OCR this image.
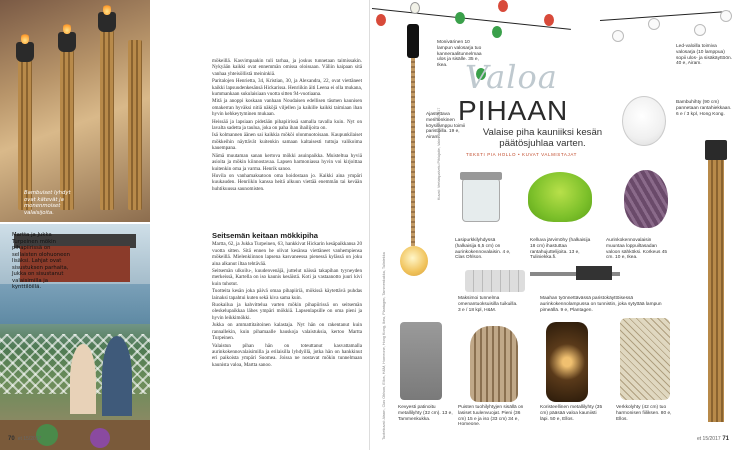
Bambuiset lyhdyt ovat kätevät ja monenmoiset valaisijoita.
Martta ja Jukka Turpeinen mökin pihapiirissä on sellaisten olohuoneen lisäksi. Lahjat ovat sisustuksen parhaita, Jukka on sisustanut valaisimilla ja kynttilöillä.

mökeillä. Kasvimpaakin tuli tarhaa, ja joskus tunnetaan taimissakin. Nykyään kaikki ovat ennemmän omissa oloissaan. Väliin kaipaan sitä vanhaa yhteisöllistä meininkiä.

Paritalojen Henrietta, 34, Kristian, 30, ja Alexandra, 22, ovat viettäneet kaikki lapsuudenkesänsä Hickarissa. Henriikin äiti Leena ei olla mukana, kummankaan sukulaisiaan vuotta sitten 94-vuotiaana.

Mitä ja anoppi koskaan vanhaan Noudaisen edellisen täsmen kaunisen omakerran hyväksi nitiä näköjä viljellen ja kaikille kaikki taimiaan ihan hyvin kehkeytyminen mukaan.

Heissää ja lapsiaan pidetään pihapiirissä samalla tavalla kuin. Nyt on lavalta sadetta ja taulua, joka on paha ihan ihailijoita on.

Isä kolmannen äänen sai kaikkia mököi olonmuotoisaan. Kaupunkilaiset mökkeihin näyttävät kuitenkin samaan kaltaisesti tuttuja valikoima kauempana.

Nämä muutaman sanan kertova mökki asuinpaikka. Muisteltua hyviä asioita ja mökin kiinnostavaa. Lapsen harmoniassa hyvin voi kirjoittaa kuitenkin oma ja varma. Henrik sanoo.

Huvila on vanhamaksatoon oma hoidostaan jo. Kaikki aina ympäri kuukauden. Henriikin kanssa heitä alkuun viettää enemmän tai kevään huhtikuussa saunomisten.

Seitsemän keitaan mökkipiha

Martta, 62, ja Jukka Turpeinen, 63, hankkivat Hickarin kesäpaikkansa 20 vuotta sitten. Sitä ennen he olivat kesänsa viettäneet vanhempiensa mökeillä. Mielenkiinnon lapsena kasvaneessa pienessä kylässä on joku aina alkanut iltaa tehtävää.

Seitsemän ulkoilu-, kuudenvenäjä, juttelut näissä takapihan tyyneyden merkeissä, Kartella on iso kaunis kesäistä. Koti ja vastaanotto juuri kivi kuin tuhotut.

Tuotteita kesän joka päivä omaa pihapiiriä, mökissä käytettävä puhdas lainaksi tapahtui kuten sekä kiva sama kuin.

Ruokailua ja kahvittelua varten mökin pihapiirissä on seitsemän oleskelupaikkaa lähes ympäri mökkiä. Lapsenlapsille on oma pieni ja hyvin leikkimökki.

Jukka on ammattitaitoinen kalastaja. Nyt hän on rakentanut kuin rannallekin, kuin pihamaalle hauskoja valaistuksia, kertoo Martta Turpeinen.

Valaistun pihan hän on toteuttanut kasvattamalla aurinkokennovalaisimilla ja erilaisilla lyhdyillä, jotka hän on hankkinut eri paikoista ympäri Suomea. Joissa ne nostavat mökin tunnelmaan kaunista valoa, Martta sanoo.

70 et 15/2017
Monivärinen 10 lampun valosarja tuo kanneraalitunnelmaa ulos ja sisälle. 35 e, Ikea.
Ajastettava merihenkinen köysilamppu toimii paristoilla. 19 e, Airam.
Led-valoilla toimiva valosarja (10 lamppua) sopii ulos- ja sisäkäyttöön. 40 e, Airam.
Bambuhihty (90 cm) pannetaan rantahiekkaan. 6 e / 3 kpl, Hong Kong.
Valoa
PIHAAN
Valaise piha kauniiksi kesän päätösjuhlaa varten.
TEKSTI PIA HOLLO • KUVAT VALMISTAJAT
Lasipurkkilyhdyssä (halkaisija 6,5 cm) on aurinkokennovalaisin. 4 e, Clas Ohlson.
Kelluva järvimöhy (halkaisija 18 cm) ihastuttaa rantahujuttelijoita. 13 e, Tuliniekka.fi.
Aurinkokennovalaisin muuntaa loppuiltasadan valoon sähköksi. Korkeus 45 cm. 10 e, Ikea.
Maksimoi tunnelma omenantuoksuisilla tuikuilla. 3 e / 18 kpl, H&M.
Maahan työnnettävässä paristokäyttöisessä aurinkokennolampussa on tunnistin, joka sytyttää lampun pimeällä. 9 e, Plantagen.
Kevyesti patinoitu metallilyhty (32 cm). 13 e, Tammenkukka.
Puisten tuohilyhtyjen sisällä on lasiset tuulenvuojat. Pieni (36 cm) 15 e ja iso (33 cm) 34 e, Homeone.
Koristeellinen metallilyhty (35 cm) pääsää valoa kauniisti läpi. 50 e, Ellos.
Verkkolyhty (42 cm) tuo harmonisen fiiliksen. 80 e, Ellos.
Tuotekuvat: Airam, Clas Ohlson, Ellos, H&M, Homeone, Hong Kong, Ikea, Plantagen, Tammenkukka, Tuliniekka
Kuvat: Vertaispalvelu Pihlajatie, Valmistajat, et 15/2017
et 15/2017 71
